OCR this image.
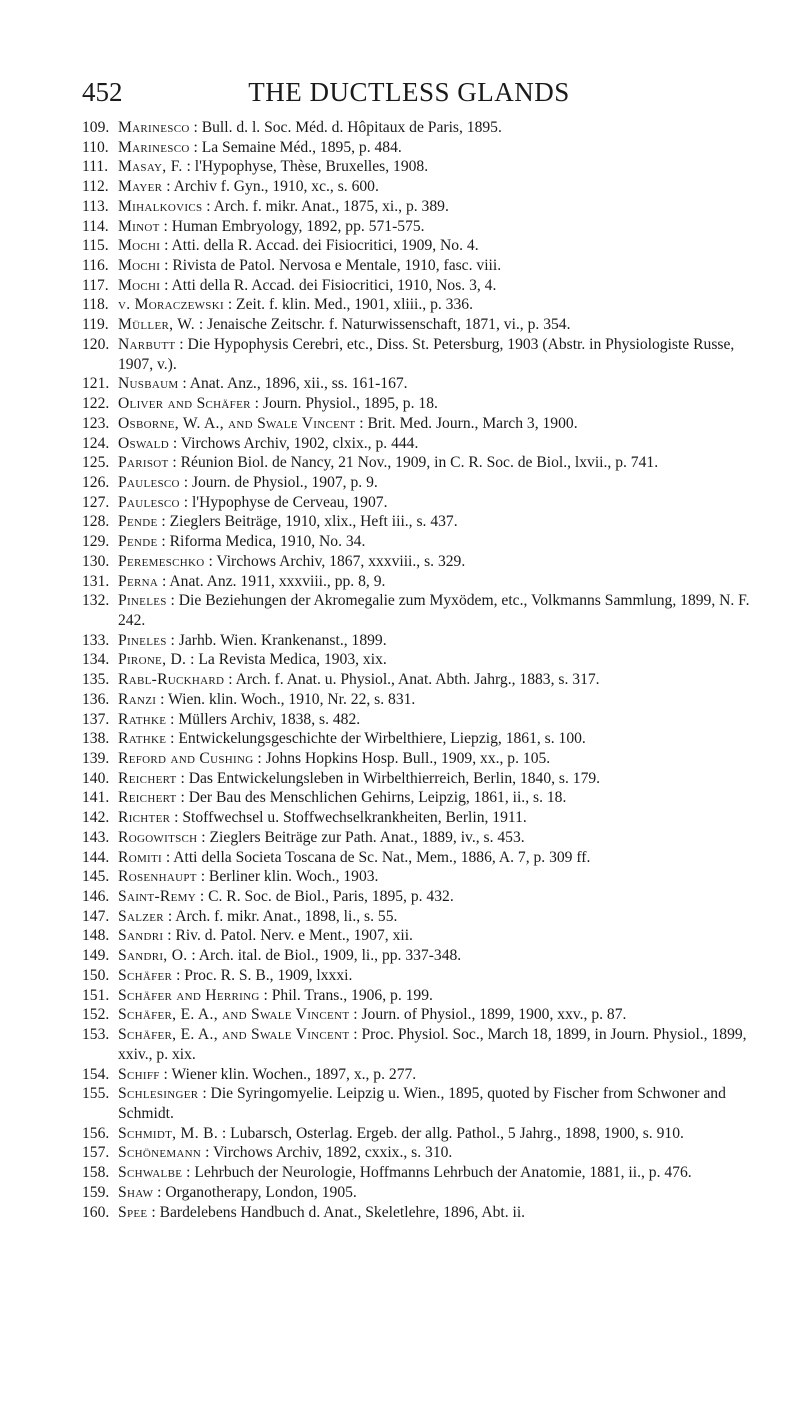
452	THE DUCTLESS GLANDS

109. Marinesco : Bull. d. l. Soc. Méd. d. Hôpitaux de Paris, 1895.

110. Marinesco : La Semaine Méd., 1895, p. 484.

111. Masay, F. : l'Hypophyse, Thèse, Bruxelles, 1908.

112. Mayer : Archiv f. Gyn., 1910, xc., s. 600.

113. Mihalkovics : Arch. f. mikr. Anat., 1875, xi., p. 389.

114. Minot : Human Embryology, 1892, pp. 571-575.

115. Mochi : Atti. della R. Accad. dei Fisiocritici, 1909, No. 4.

116. Mochi : Rivista de Patol. Nervosa e Mentale, 1910, fasc. viii.

117. Mochi : Atti della R. Accad. dei Fisiocritici, 1910, Nos. 3, 4.

118. v. Moraczewski : Zeit. f. klin. Med., 1901, xliii., p. 336.

119. Müller, W. : Jenaische Zeitschr. f. Naturwissenschaft, 1871, vi., p. 354.

120. Narbutt : Die Hypophysis Cerebri, etc., Diss. St. Petersburg, 1903 (Abstr. in Physiologiste Russe, 1907, v.).

121. Nusbaum : Anat. Anz., 1896, xii., ss. 161-167.

122. Oliver and Schäfer : Journ. Physiol., 1895, p. 18.

123. Osborne, W. A., and Swale Vincent : Brit. Med. Journ., March 3, 1900.

124. Oswald : Virchows Archiv, 1902, clxix., p. 444.

125. Parisot : Réunion Biol. de Nancy, 21 Nov., 1909, in C. R. Soc. de Biol., lxvii., p. 741.

126. Paulesco : Journ. de Physiol., 1907, p. 9.

127. Paulesco : l'Hypophyse de Cerveau, 1907.

128. Pende : Zieglers Beiträge, 1910, xlix., Heft iii., s. 437.

129. Pende : Riforma Medica, 1910, No. 34.

130. Peremeschko : Virchows Archiv, 1867, xxxviii., s. 329.

131. Perna : Anat. Anz. 1911, xxxviii., pp. 8, 9.

132. Pineles : Die Beziehungen der Akromegalie zum Myxödem, etc., Volkmanns Sammlung, 1899, N. F. 242.

133. Pineles : Jarhb. Wien. Krankenanst., 1899.

134. Pirone, D. : La Revista Medica, 1903, xix.

135. Rabl-Ruckhard : Arch. f. Anat. u. Physiol., Anat. Abth. Jahrg., 1883, s. 317.

136. Ranzi : Wien. klin. Woch., 1910, Nr. 22, s. 831.

137. Rathke : Müllers Archiv, 1838, s. 482.

138. Rathke : Entwickelungsgeschichte der Wirbelthiere, Liepzig, 1861, s. 100.

139. Reford and Cushing : Johns Hopkins Hosp. Bull., 1909, xx., p. 105.

140. Reichert : Das Entwickelungsleben in Wirbelthierreich, Berlin, 1840, s. 179.

141. Reichert : Der Bau des Menschlichen Gehirns, Leipzig, 1861, ii., s. 18.

142. Richter : Stoffwechsel u. Stoffwechselkrankheiten, Berlin, 1911.

143. Rogowitsch : Zieglers Beiträge zur Path. Anat., 1889, iv., s. 453.

144. Romiti : Atti della Societa Toscana de Sc. Nat., Mem., 1886, A. 7, p. 309 ff.

145. Rosenhaupt : Berliner klin. Woch., 1903.

146. Saint-Remy : C. R. Soc. de Biol., Paris, 1895, p. 432.

147. Salzer : Arch. f. mikr. Anat., 1898, li., s. 55.

148. Sandri : Riv. d. Patol. Nerv. e Ment., 1907, xii.

149. Sandri, O. : Arch. ital. de Biol., 1909, li., pp. 337-348.

150. Schäfer : Proc. R. S. B., 1909, lxxxi.

151. Schäfer and Herring : Phil. Trans., 1906, p. 199.

152. Schäfer, E. A., and Swale Vincent : Journ. of Physiol., 1899, 1900, xxv., p. 87.

153. Schäfer, E. A., and Swale Vincent : Proc. Physiol. Soc., March 18, 1899, in Journ. Physiol., 1899, xxiv., p. xix.

154. Schiff : Wiener klin. Wochen., 1897, x., p. 277.

155. Schlesinger : Die Syringomyelie. Leipzig u. Wien., 1895, quoted by Fischer from Schwoner and Schmidt.

156. Schmidt, M. B. : Lubarsch, Osterlag. Ergeb. der allg. Pathol., 5 Jahrg., 1898, 1900, s. 910.

157. Schönemann : Virchows Archiv, 1892, cxxix., s. 310.

158. Schwalbe : Lehrbuch der Neurologie, Hoffmanns Lehrbuch der Anatomie, 1881, ii., p. 476.

159. Shaw : Organotherapy, London, 1905.

160. Spee : Bardelebens Handbuch d. Anat., Skeletlehre, 1896, Abt. ii.
